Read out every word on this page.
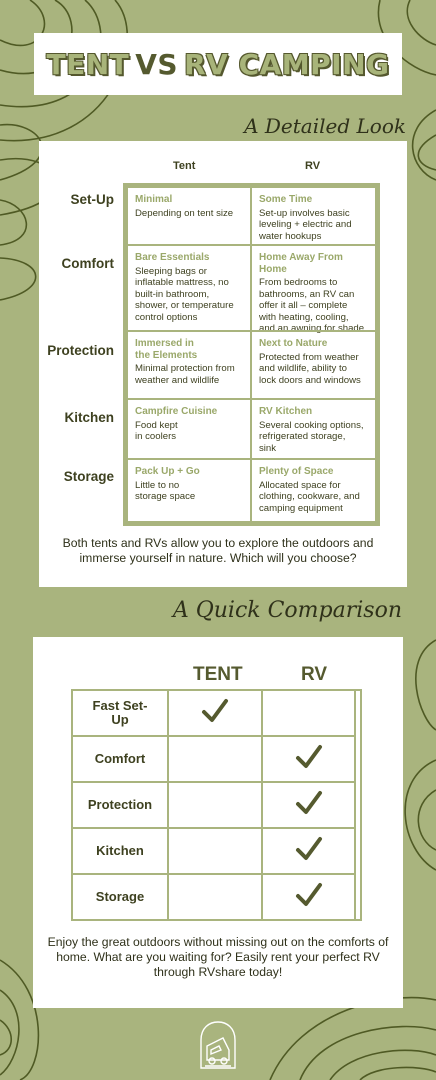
TENT VS RV CAMPING
A Detailed Look
Tent	RV
Set-Up
Comfort
Protection
Kitchen
Storage
Minimal
Depending on tent size
Some Time
Set-up involves basic
leveling + electric and
water hookups
Bare Essentials
Sleeping bags or
inflatable mattress, no
built-in bathroom,
shower, or temperature
control options
Home Away From Home
From bedrooms to
bathrooms, an RV can
offer it all – complete
with heating, cooling,
and an awning for shade
Immersed in
the Elements
Minimal protection from
weather and wildlife
Next to Nature
Protected from weather
and wildlife, ability to
lock doors and windows
Campfire Cuisine
Food kept
in coolers
RV Kitchen
Several cooking options,
refrigerated storage,
sink
Pack Up + Go
Little to no
storage space
Plenty of Space
Allocated space for
clothing, cookware, and
camping equipment
Both tents and RVs allow you to explore the outdoors and immerse yourself in nature. Which will you choose?
A Quick Comparison
TENT	RV
Fast Set-
Up
Comfort
Protection
Kitchen
Storage
Enjoy the great outdoors without missing out on the comforts of home. What are you waiting for? Easily rent your perfect RV through RVshare today!
